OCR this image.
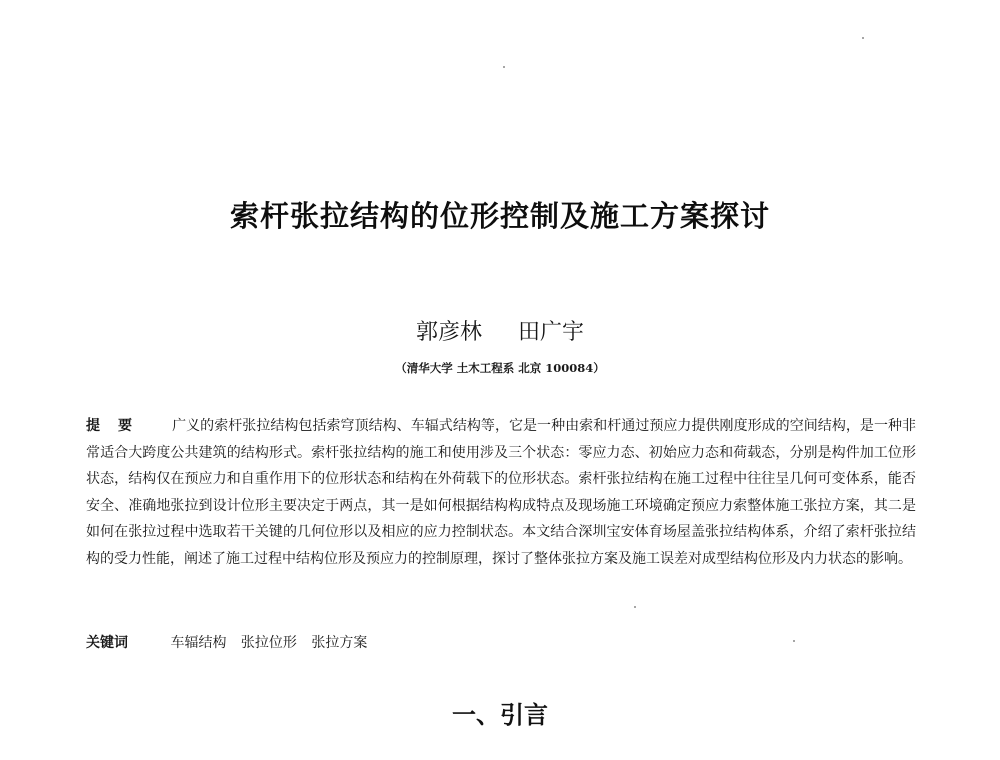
索杆张拉结构的位形控制及施工方案探讨
郭彦林 田广宇
（清华大学 土木工程系 北京 100084）
提 要	广义的索杆张拉结构包括索穹顶结构、车辐式结构等，它是一种由索和杆通过预应力提供刚度形成的空间结构，是一种非常适合大跨度公共建筑的结构形式。索杆张拉结构的施工和使用涉及三个状态：零应力态、初始应力态和荷载态，分别是构件加工位形状态，结构仅在预应力和自重作用下的位形状态和结构在外荷载下的位形状态。索杆张拉结构在施工过程中往往呈几何可变体系，能否安全、准确地张拉到设计位形主要决定于两点，其一是如何根据结构构成特点及现场施工环境确定预应力索整体施工张拉方案，其二是如何在张拉过程中选取若干关键的几何位形以及相应的应力控制状态。本文结合深圳宝安体育场屋盖张拉结构体系，介绍了索杆张拉结构的受力性能，阐述了施工过程中结构位形及预应力的控制原理，探讨了整体张拉方案及施工误差对成型结构位形及内力状态的影响。
关键词	车辐结构 张拉位形 张拉方案
一、引言
